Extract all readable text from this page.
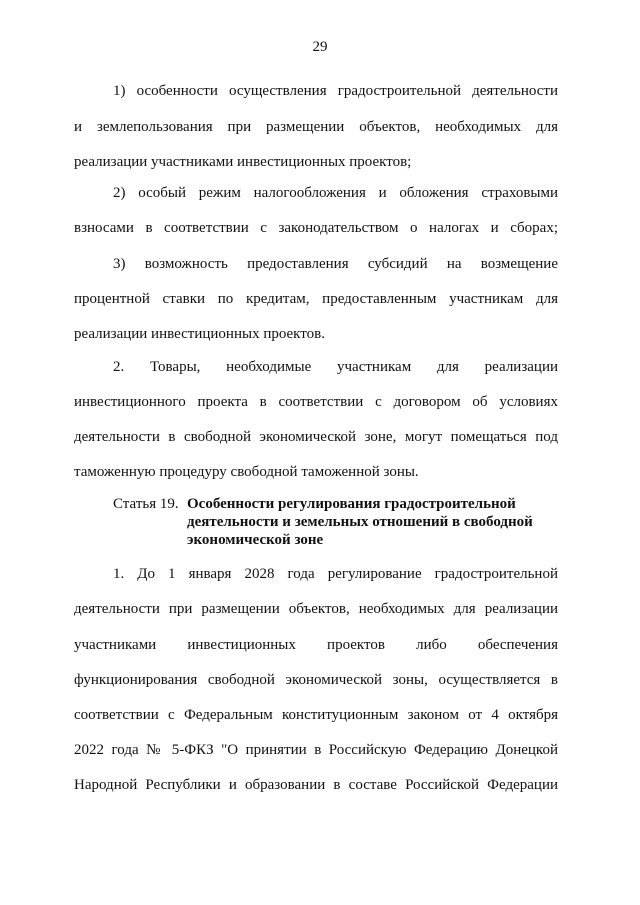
29
1) особенности осуществления градостроительной деятельности
и землепользования при размещении объектов, необходимых для
реализации участниками инвестиционных проектов;
2) особый режим налогообложения и обложения страховыми
взносами в соответствии с законодательством о налогах и сборах;
3) возможность предоставления субсидий на возмещение
процентной ставки по кредитам, предоставленным участникам для
реализации инвестиционных проектов.
2. Товары, необходимые участникам для реализации
инвестиционного проекта в соответствии с договором об условиях
деятельности в свободной экономической зоне, могут помещаться под
таможенную процедуру свободной таможенной зоны.
Статья 19. Особенности регулирования градостроительной
деятельности и земельных отношений в свободной
экономической зоне
1. До 1 января 2028 года регулирование градостроительной
деятельности при размещении объектов, необходимых для реализации
участниками инвестиционных проектов либо обеспечения
функционирования свободной экономической зоны, осуществляется в
соответствии с Федеральным конституционным законом от 4 октября
2022 года № 5-ФКЗ "О принятии в Российскую Федерацию Донецкой
Народной Республики и образовании в составе Российской Федерации
